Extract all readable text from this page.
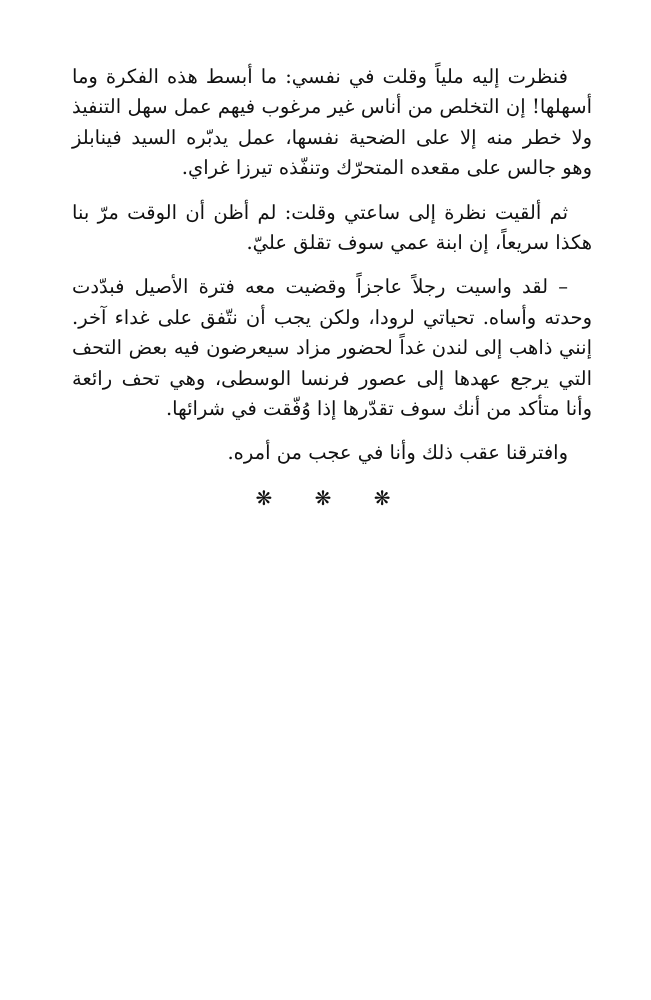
فنظرت إليه ملياً وقلت في نفسي: ما أبسط هذه الفكرة وما أسهلها! إن التخلص من أناس غير مرغوب فيهم عمل سهل التنفيذ ولا خطر منه إلا على الضحية نفسها، عمل يدبّره السيد فينابلز وهو جالس على مقعده المتحرّك وتنفّذه تيرزا غراي.

ثم ألقيت نظرة إلى ساعتي وقلت: لم أظن أن الوقت مرّ بنا هكذا سريعاً، إن ابنة عمي سوف تقلق عليّ.

– لقد واسيت رجلاً عاجزاً وقضيت معه فترة الأصيل فبدّدت وحدته وأساه. تحياتي لرودا، ولكن يجب أن نتّفق على غداء آخر. إنني ذاهب إلى لندن غداً لحضور مزاد سيعرضون فيه بعض التحف التي يرجع عهدها إلى عصور فرنسا الوسطى، وهي تحف رائعة وأنا متأكد من أنك سوف تقدّرها إذا وُفّقت في شرائها.

وافترقنا عقب ذلك وأنا في عجب من أمره.

❋ ❋ ❋
